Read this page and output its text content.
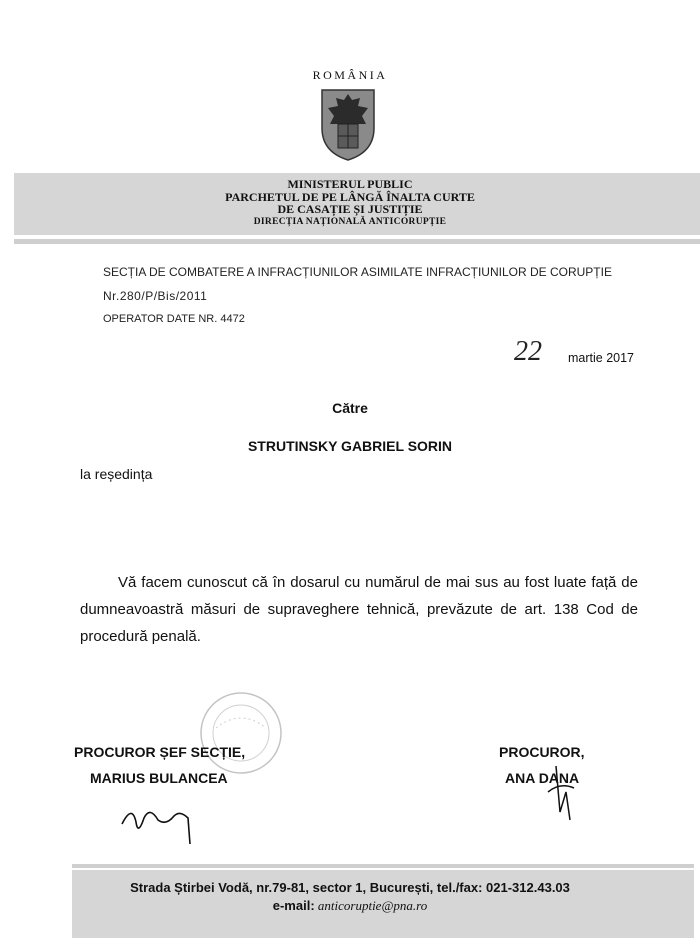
ROMÂNIA
MINISTERUL PUBLIC
PARCHETUL DE PE LÂNGĂ ÎNALTA CURTE
DE CASAȚIE ȘI JUSTIȚIE
DIRECȚIA NAȚIONALĂ ANTICORUPȚIE
SECȚIA DE COMBATERE A INFRACȚIUNILOR ASIMILATE INFRACȚIUNILOR DE CORUPȚIE
Nr.280/P/Bis/2011
OPERATOR DATE NR. 4472
22 martie 2017
Către
STRUTINSKY GABRIEL SORIN
la reședința
Vă facem cunoscut că în dosarul cu numărul de mai sus au fost luate față de dumneavoastră măsuri de supraveghere tehnică, prevăzute de art. 138 Cod de procedură penală.
PROCUROR ȘEF SECȚIE,
MARIUS BULANCEA
PROCUROR,
ANA DANA
Strada Știrbei Vodă, nr.79-81, sector 1, București, tel./fax: 021-312.43.03
e-mail: anticoruptie@pna.ro
